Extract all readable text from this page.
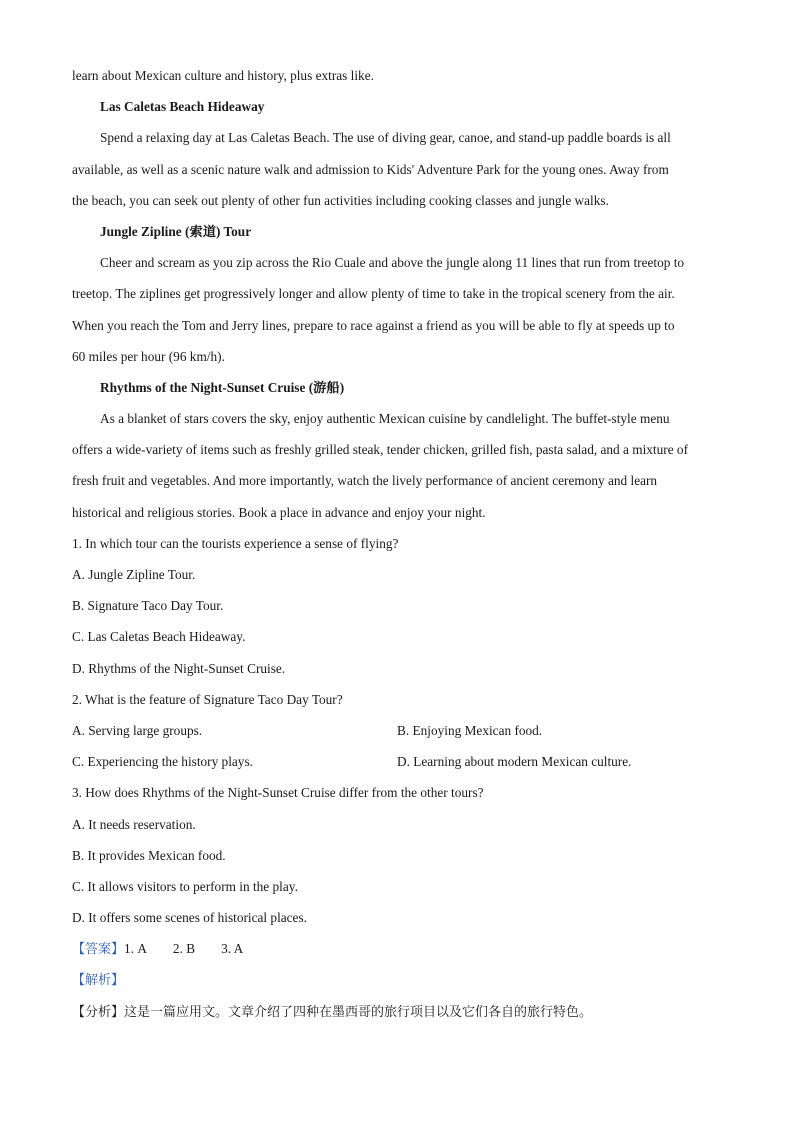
learn about Mexican culture and history, plus extras like.
Las Caletas Beach Hideaway
Spend a relaxing day at Las Caletas Beach. The use of diving gear, canoe, and stand-up paddle boards is all
available, as well as a scenic nature walk and admission to Kids' Adventure Park for the young ones. Away from
the beach, you can seek out plenty of other fun activities including cooking classes and jungle walks.
Jungle Zipline (索道) Tour
Cheer and scream as you zip across the Rio Cuale and above the jungle along 11 lines that run from treetop to
treetop. The ziplines get progressively longer and allow plenty of time to take in the tropical scenery from the air.
When you reach the Tom and Jerry lines, prepare to race against a friend as you will be able to fly at speeds up to
60 miles per hour (96 km/h).
Rhythms of the Night-Sunset Cruise (游船)
As a blanket of stars covers the sky, enjoy authentic Mexican cuisine by candlelight. The buffet-style menu
offers a wide-variety of items such as freshly grilled steak, tender chicken, grilled fish, pasta salad, and a mixture of
fresh fruit and vegetables. And more importantly, watch the lively performance of ancient ceremony and learn
historical and religious stories. Book a place in advance and enjoy your night.
1. In which tour can the tourists experience a sense of flying?
A. Jungle Zipline Tour.
B. Signature Taco Day Tour.
C. Las Caletas Beach Hideaway.
D. Rhythms of the Night-Sunset Cruise.
2. What is the feature of Signature Taco Day Tour?
A. Serving large groups.	B. Enjoying Mexican food.
C. Experiencing the history plays.	D. Learning about modern Mexican culture.
3. How does Rhythms of the Night-Sunset Cruise differ from the other tours?
A. It needs reservation.
B. It provides Mexican food.
C. It allows visitors to perform in the play.
D. It offers some scenes of historical places.
【答案】1. A 2. B 3. A
【解析】
【分析】这是一篇应用文。文章介绍了四种在墨西哥的旅行项目以及它们各自的旅行特色。
